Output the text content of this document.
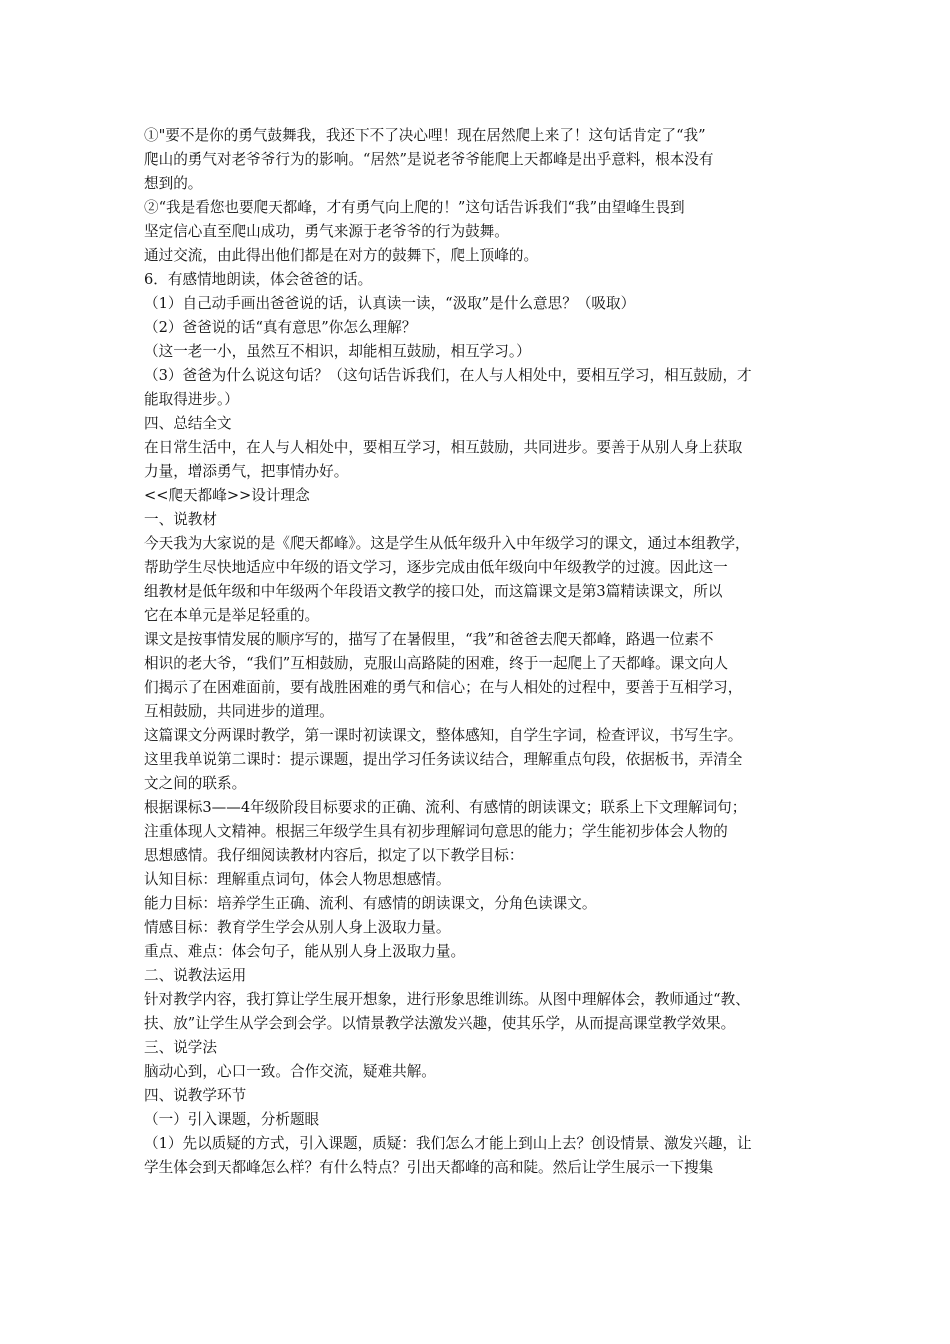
①"要不是你的勇气鼓舞我，我还下不了决心哩！现在居然爬上来了！这句话肯定了“我”
爬山的勇气对老爷爷行为的影响。“居然”是说老爷爷能爬上天都峰是出乎意料，根本没有
想到的。
②“我是看您也要爬天都峰，才有勇气向上爬的！”这句话告诉我们“我”由望峰生畏到
坚定信心直至爬山成功，勇气来源于老爷爷的行为鼓舞。
通过交流，由此得出他们都是在对方的鼓舞下，爬上顶峰的。
6．有感情地朗读，体会爸爸的话。
（1）自己动手画出爸爸说的话，认真读一读，“汲取”是什么意思？（吸取）
（2）爸爸说的话“真有意思”你怎么理解？
（这一老一小，虽然互不相识，却能相互鼓励，相互学习。）
（3）爸爸为什么说这句话？（这句话告诉我们，在人与人相处中，要相互学习，相互鼓励，才
能取得进步。）
四、总结全文
在日常生活中，在人与人相处中，要相互学习，相互鼓励，共同进步。要善于从别人身上获取
力量，增添勇气，把事情办好。
<<爬天都峰>>设计理念
一、说教材
今天我为大家说的是《爬天都峰》。这是学生从低年级升入中年级学习的课文，通过本组教学，
帮助学生尽快地适应中年级的语文学习，逐步完成由低年级向中年级教学的过渡。因此这一
组教材是低年级和中年级两个年段语文教学的接口处，而这篇课文是第3篇精读课文，所以
它在本单元是举足轻重的。
课文是按事情发展的顺序写的，描写了在暑假里，“我”和爸爸去爬天都峰，路遇一位素不
相识的老大爷，“我们”互相鼓励，克服山高路陡的困难，终于一起爬上了天都峰。课文向人
们揭示了在困难面前，要有战胜困难的勇气和信心；在与人相处的过程中，要善于互相学习，
互相鼓励，共同进步的道理。
这篇课文分两课时教学，第一课时初读课文，整体感知，自学生字词，检查评议，书写生字。
这里我单说第二课时：提示课题，提出学习任务读议结合，理解重点句段，依据板书，弄清全
文之间的联系。
根据课标3——4年级阶段目标要求的正确、流利、有感情的朗读课文；联系上下文理解词句；
注重体现人文精神。根据三年级学生具有初步理解词句意思的能力；学生能初步体会人物的
思想感情。我仔细阅读教材内容后，拟定了以下教学目标：
认知目标：理解重点词句，体会人物思想感情。
能力目标：培养学生正确、流利、有感情的朗读课文，分角色读课文。
情感目标：教育学生学会从别人身上汲取力量。
重点、难点：体会句子，能从别人身上汲取力量。
二、说教法运用
针对教学内容，我打算让学生展开想象，进行形象思维训练。从图中理解体会，教师通过“教、
扶、放”让学生从学会到会学。以情景教学法激发兴趣，使其乐学，从而提高课堂教学效果。
三、说学法
脑动心到，心口一致。合作交流，疑难共解。
四、说教学环节
（一）引入课题，分析题眼
（1）先以质疑的方式，引入课题，质疑：我们怎么才能上到山上去？创设情景、激发兴趣，让
学生体会到天都峰怎么样？有什么特点？引出天都峰的高和陡。然后让学生展示一下搜集
